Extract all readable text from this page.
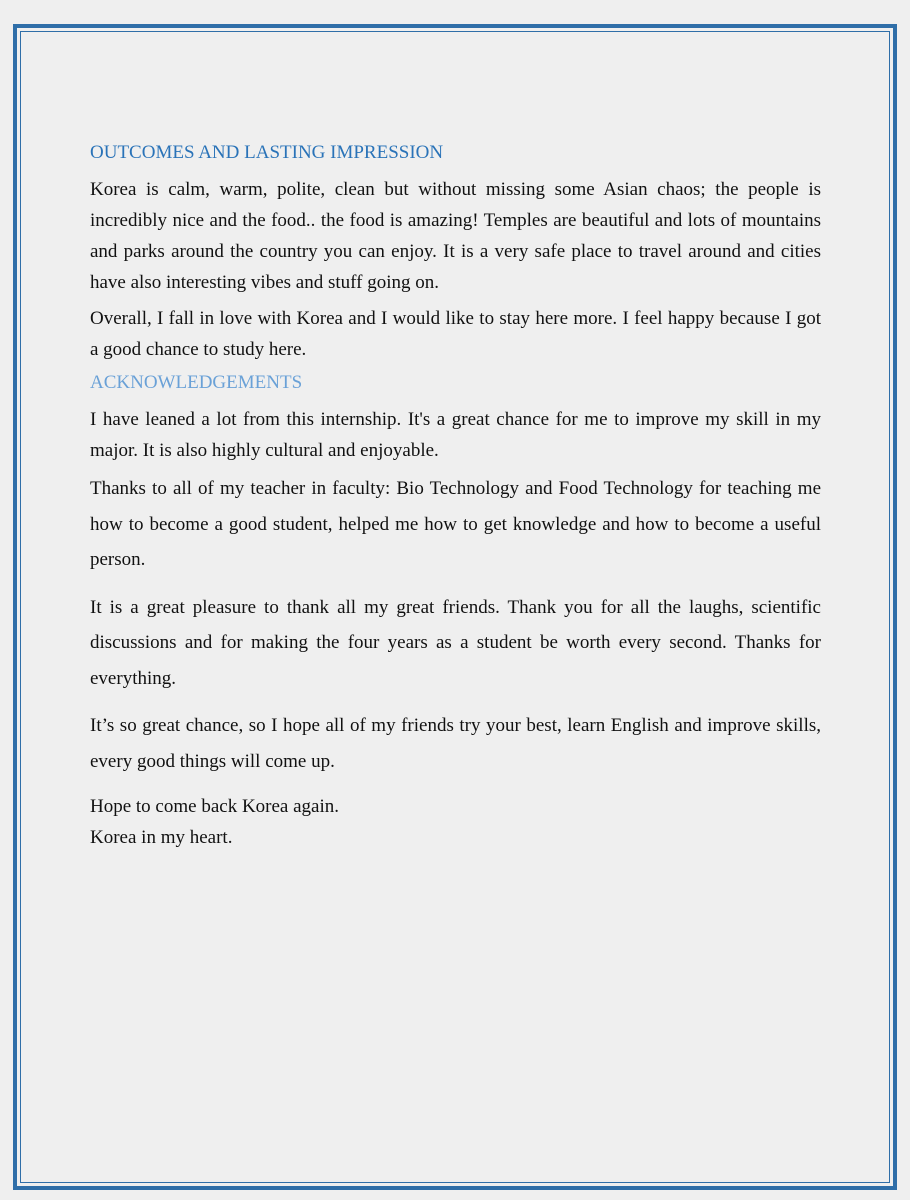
OUTCOMES AND LASTING IMPRESSION

Korea is calm, warm, polite, clean but without missing some Asian chaos; the people is incredibly nice and the food.. the food is amazing! Temples are beautiful and lots of mountains and parks around the country you can enjoy. It is a very safe place to travel around and cities have also interesting vibes and stuff going on.

Overall, I fall in love with Korea and I would like to stay here more. I feel happy because I got a good chance to study here.

ACKNOWLEDGEMENTS

I have leaned a lot from this internship. It's a great chance for me to improve my skill in my major. It is also highly cultural and enjoyable.

Thanks to all of my teacher in faculty: Bio Technology and Food Technology for teaching me how to become a good student, helped me how to get knowledge and how to become a useful person.

It is a great pleasure to thank all my great friends. Thank you for all the laughs, scientific discussions and for making the four years as a student be worth every second. Thanks for everything.

It’s so great chance, so I hope all of my friends try your best, learn English and improve skills, every good things will come up.

Hope to come back Korea again.

Korea in my heart.
